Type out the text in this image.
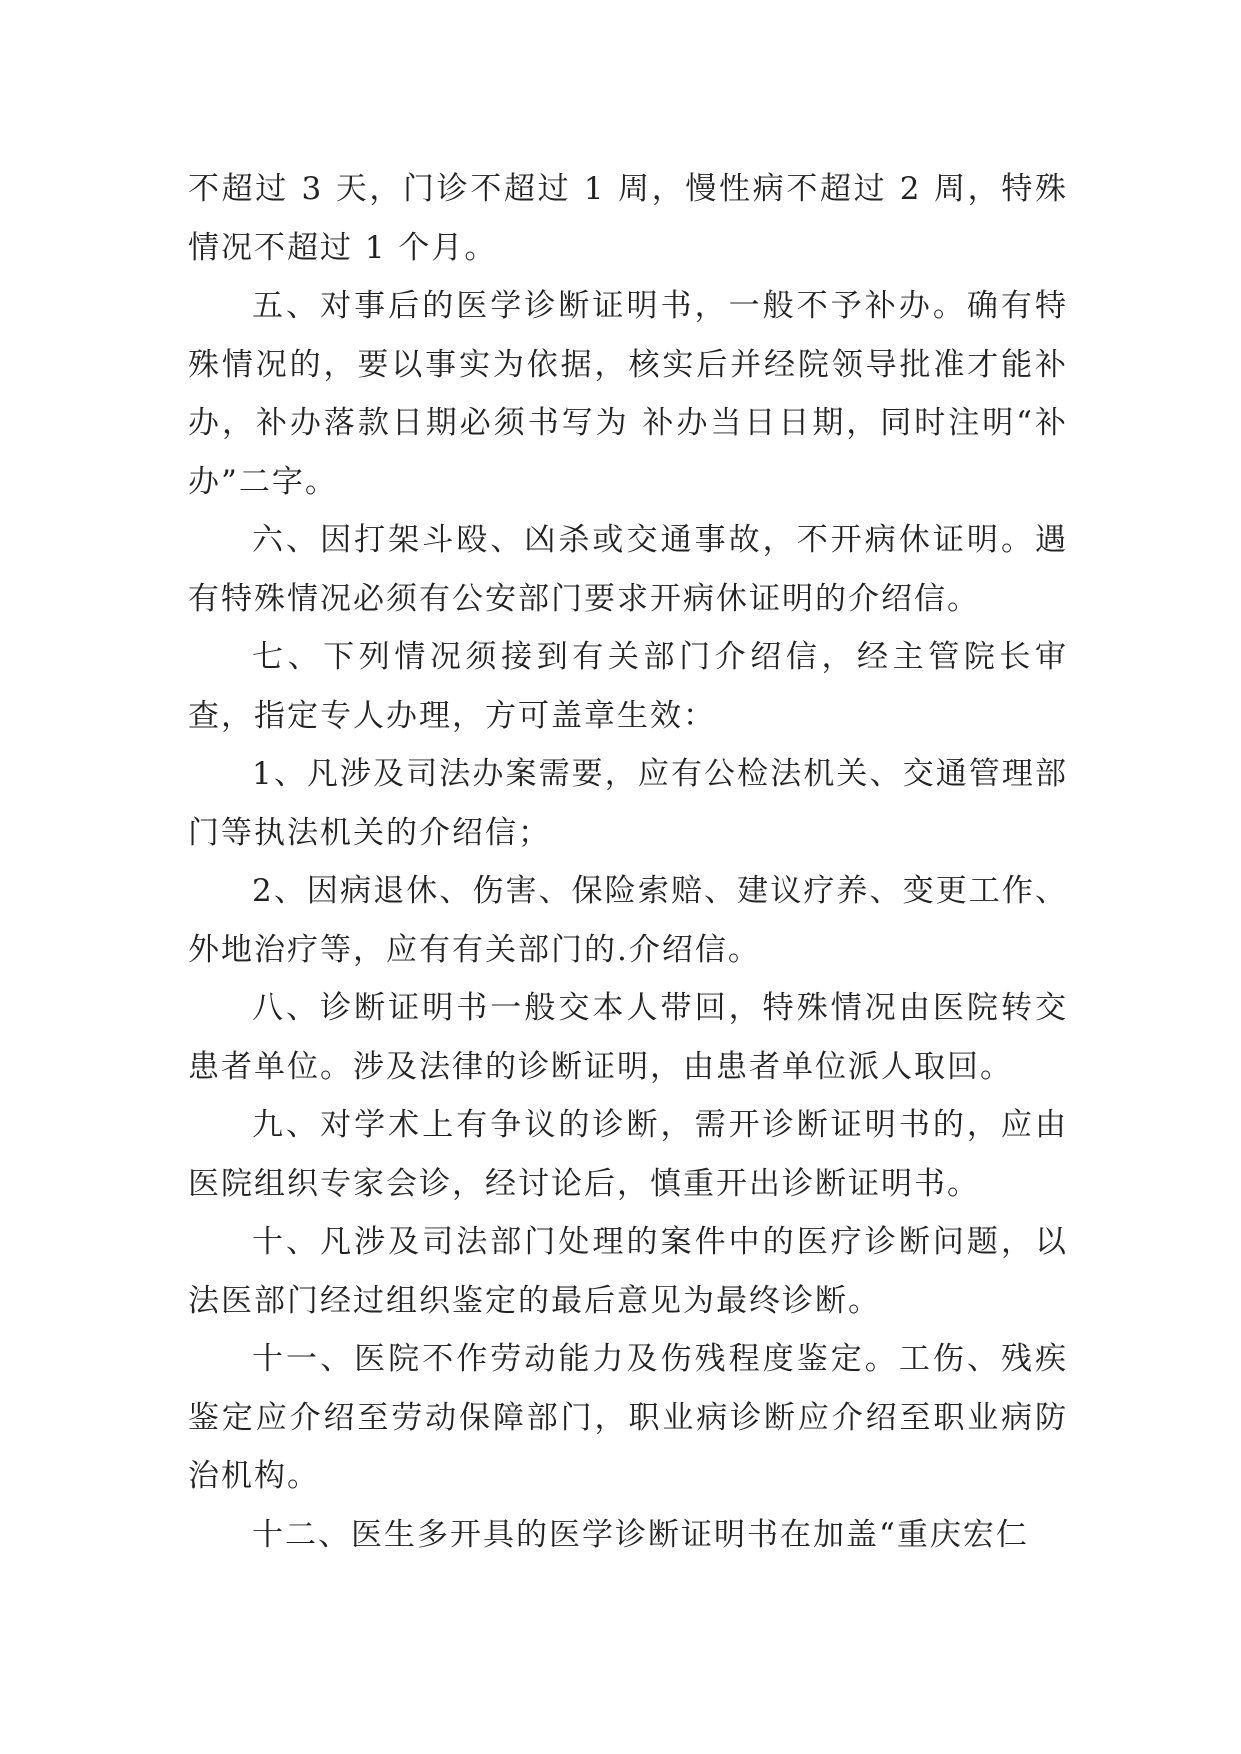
不超过 3 天，门诊不超过 1 周，慢性病不超过 2 周，特殊情况不超过 1 个月。

五、对事后的医学诊断证明书，一般不予补办。确有特殊情况的，要以事实为依据，核实后并经院领导批准才能补办，补办落款日期必须书写为 补办当日日期，同时注明“补办”二字。

六、因打架斗殴、凶杀或交通事故，不开病休证明。遇有特殊情况必须有公安部门要求开病休证明的介绍信。

七、下列情况须接到有关部门介绍信，经主管院长审查，指定专人办理，方可盖章生效：

1、凡涉及司法办案需要，应有公检法机关、交通管理部门等执法机关的介绍信；

2、因病退休、伤害、保险索赔、建议疗养、变更工作、外地治疗等，应有有关部门的.介绍信。

八、诊断证明书一般交本人带回，特殊情况由医院转交患者单位。涉及法律的诊断证明，由患者单位派人取回。

九、对学术上有争议的诊断，需开诊断证明书的，应由医院组织专家会诊，经讨论后，慎重开出诊断证明书。

十、凡涉及司法部门处理的案件中的医疗诊断问题，以法医部门经过组织鉴定的最后意见为最终诊断。

十一、医院不作劳动能力及伤残程度鉴定。工伤、残疾鉴定应介绍至劳动保障部门，职业病诊断应介绍至职业病防治机构。

十二、医生多开具的医学诊断证明书在加盖“重庆宏仁
